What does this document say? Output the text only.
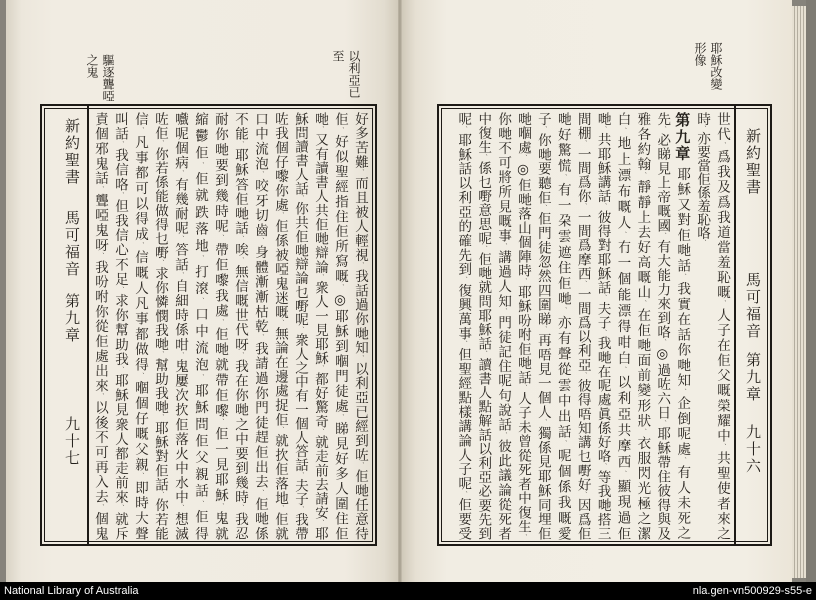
以利亞已至
驅逐聾啞之鬼
新約聖書
馬可福音
第九章
九十七
好多苦難、而且被人輕視、我話過你哋知、以利亞已經到咗、佢哋任意待
佢、好似聖經指住佢所寫嘅、◎耶穌到嗰門徒處、睇見好多人圍住佢
哋、又有讀書人共佢哋辯論、衆人一見耶穌、都好驚奇、就走前去請安、耶
穌問讀書人話、你共佢哋辯論乜嘢呢、衆人之中有一個人答話、夫子、我帶
咗我個仔嚟你處、佢係被啞鬼迷嘅、無論在邊處捉佢、就扻佢落地、佢就
口中流泡、咬牙切齒、身體漸漸枯乾、我請過你門徒趕佢出去、佢哋係
不能、耶穌答佢哋話、唉、無信嘅世代呀、我在你哋之中要到幾時、我忍
耐你哋要到幾時呢、帶佢嚟我處、佢哋就帶佢嚟、佢一見耶穌、鬼就
縮鬱佢、佢就跌落地、打滾、口中流泡、耶穌問佢父親話、佢得
嚱呢個病、有幾耐呢、答話、自細時係咁、鬼屢次扻佢落火中水中、想滅
咗佢、你若係能做得乜嘢、求你憐憫我哋、幫助我哋、耶穌對佢話、你若能
信、凡事都可以得成、信嘅人凡事都做得、嗰個仔嘅父親、即時大聲
叫話、我信咯、但我信心不足、求你幫助我、耶穌見衆人都走前來、就斥
責個邪鬼話、聾啞鬼呀、我吩咐你從佢處出來、以後不可再入去、個鬼
耶穌改變形像
新約聖書
馬可福音
第九章
九十六
世代、爲我及爲我道當羞恥嘅、人子在佢父嘅榮耀中、共聖使者來之
時、亦要當佢係羞恥咯、
第九章耶穌又對佢哋話、我實在話你哋知、企倒呢處、有人未死之
先、必睇見上帝嘅國、有大能力來到咯、◎過咗六日、耶穌帶住彼得與及
雅各約翰、靜靜上去好高嘅山、在佢哋面前變形狀、衣服閃光極之潔
白、地上漂布嘅人、冇一個能漂得咁白、以利亞共摩西、顯現過佢
哋、共耶穌講話、彼得對耶穌話、夫子、我哋在呢處眞係好咯、等我哋搭三
間棚、一間爲你、一間爲摩西、一間爲以利亞、彼得唔知講乜嘢好、因爲佢
哋好驚慌、有一朶雲遮住佢哋、亦有聲從雲中出話、呢個係我嘅愛
子、你哋要聽佢、佢門徒忽然四圍睇、再唔見一個人、獨係見耶穌同埋佢
哋嗰處、◎佢哋落山個陣時、耶穌吩咐佢哋話、人子未曾從死者中復生、
你哋不可將所見嘅事、講過人知、門徒記住呢句說話、彼此議論從死者
中復生、係乜嘢意思呢、佢哋就問耶穌話、讀書人點解話以利亞必要先到
呢、耶穌話以利亞的確先到、復興萬事、但聖經點樣講論人子呢、佢要受
National Library of Australia	nla.gen-vn500929-s55-e
